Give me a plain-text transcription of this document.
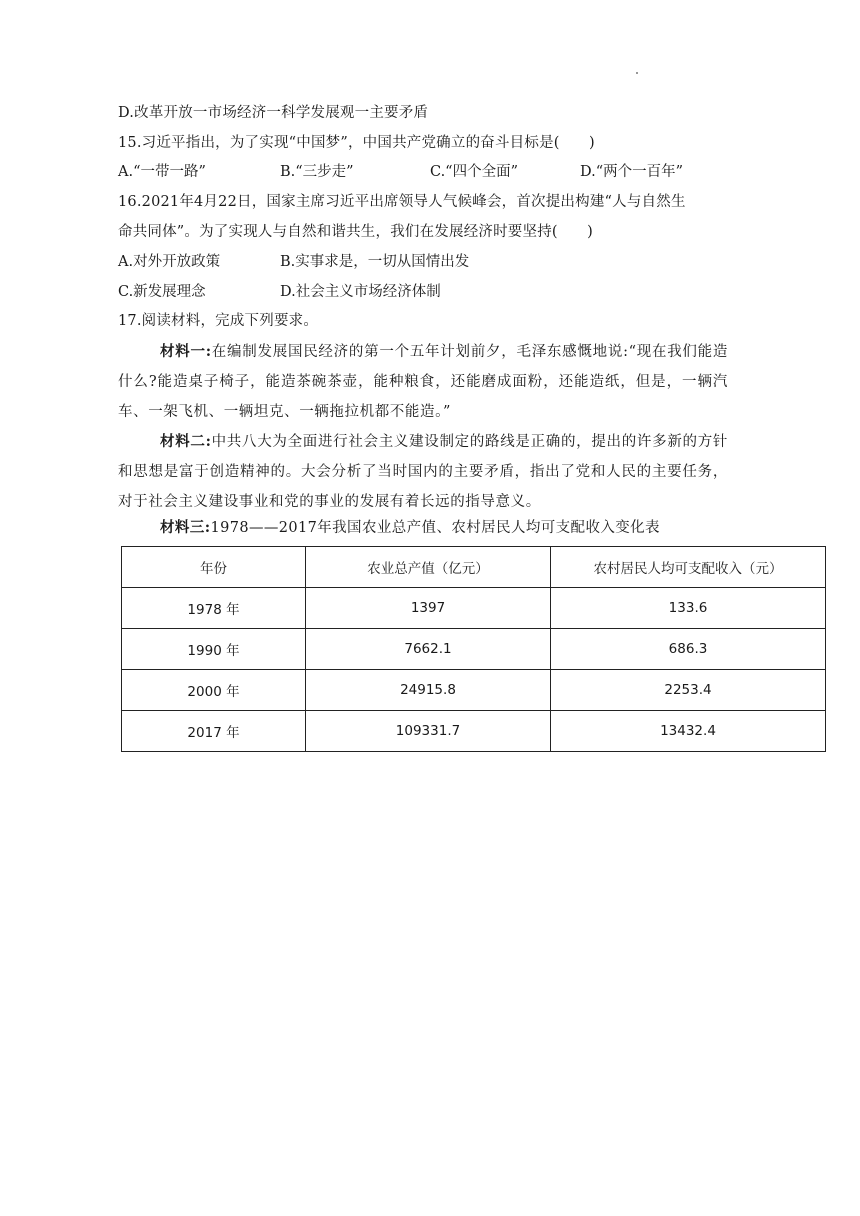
D.改革开放一市场经济一科学发展观一主要矛盾
15.习近平指出，为了实现“中国梦”，中国共产党确立的奋斗目标是(　　)
A.“一带一路”	B.“三步走”	C.“四个全面”	D.“两个一百年”
16.2021年4月22日，国家主席习近平出席领导人气候峰会，首次提出构建“人与自然生
命共同体”。为了实现人与自然和谐共生，我们在发展经济时要坚持(　　)
A.对外开放政策	B.实事求是，一切从国情出发
C.新发展理念	D.社会主义市场经济体制
17.阅读材料，完成下列要求。
材料一:在编制发展国民经济的第一个五年计划前夕，毛泽东感慨地说:“现在我们能造什么?能造桌子椅子，能造茶碗茶壶，能种粮食，还能磨成面粉，还能造纸，但是，一辆汽车、一架飞机、一辆坦克、一辆拖拉机都不能造。”
材料二:中共八大为全面进行社会主义建设制定的路线是正确的，提出的许多新的方针和思想是富于创造精神的。大会分析了当时国内的主要矛盾，指出了党和人民的主要任务，对于社会主义建设事业和党的事业的发展有着长远的指导意义。
材料三:1978——2017年我国农业总产值、农村居民人均可支配收入变化表
年份	农业总产值（亿元）	农村居民人均可支配收入（元）
1978 年	1397	133.6
1990 年	7662.1	686.3
2000 年	24915.8	2253.4
2017 年	109331.7	13432.4
